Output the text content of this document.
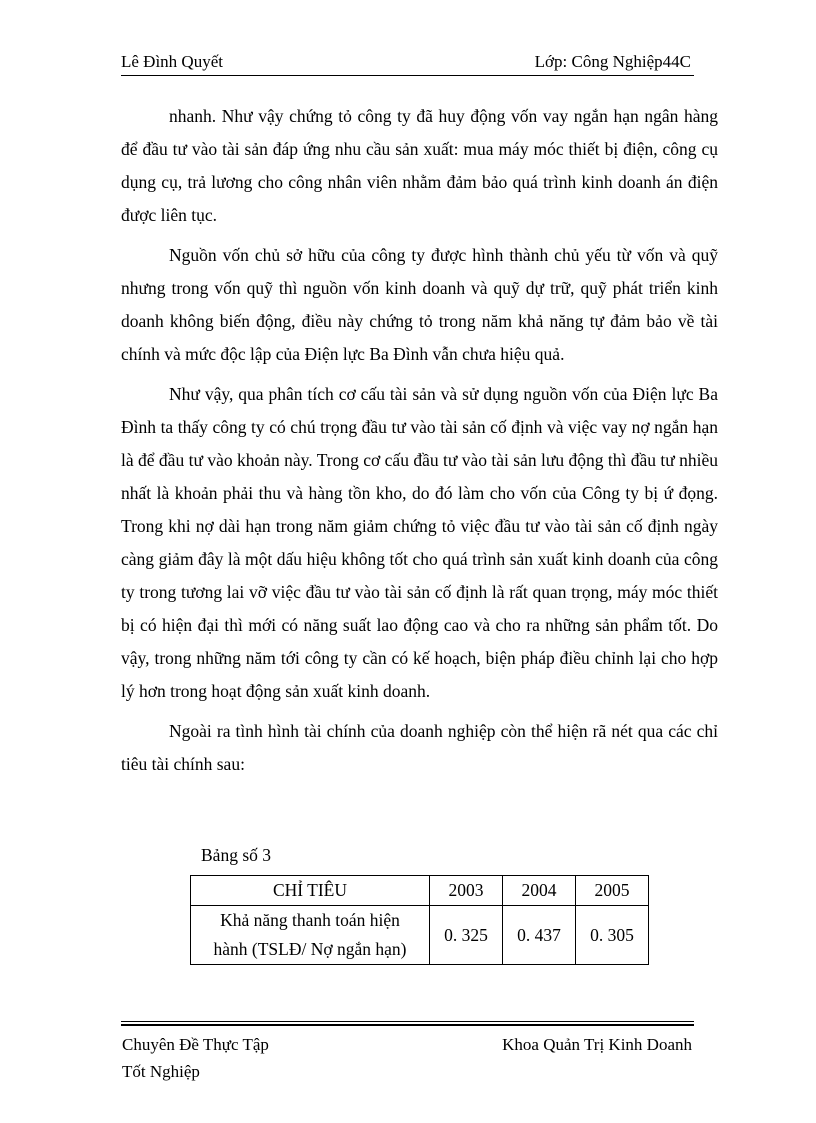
Lê Đình Quyết	Lớp: Công Nghiệp44C

nhanh. Như vậy chứng tỏ công ty đã huy động vốn vay ngắn hạn ngân hàng để đầu tư vào tài sản đáp ứng nhu cầu sản xuất: mua máy móc thiết bị điện, công cụ dụng cụ, trả lương cho công nhân viên nhằm đảm bảo quá trình kinh doanh án điện được liên tục.

Nguồn vốn chủ sở hữu của công ty được hình thành chủ yếu từ vốn và quỹ nhưng trong vốn quỹ thì nguồn vốn kinh doanh và quỹ dự trữ, quỹ phát triển kinh doanh không biến động, điều này chứng tỏ trong năm khả năng tự đảm bảo về tài chính và mức độc lập của Điện lực Ba Đình vẫn chưa hiệu quả.

Như vậy, qua phân tích cơ cấu tài sản và sử dụng nguồn vốn của Điện lực Ba Đình ta thấy công ty có chú trọng đầu tư vào tài sản cố định và việc vay nợ ngắn hạn là để đầu tư vào khoản này. Trong cơ cấu đầu tư vào tài sản lưu động thì đầu tư nhiều nhất là khoản phải thu và hàng tồn kho, do đó làm cho vốn của Công ty bị ứ đọng. Trong khi nợ dài hạn trong năm giảm chứng tỏ việc đầu tư vào tài sản cố định ngày càng giảm đây là một dấu hiệu không tốt cho quá trình sản xuất kinh doanh của công ty trong tương lai vỡ việc đầu tư vào tài sản cố định là rất quan trọng, máy móc thiết bị có hiện đại thì mới có năng suất lao động cao và cho ra những sản phẩm tốt. Do vậy, trong những năm tới công ty cần có kế hoạch, biện pháp điều chỉnh lại cho hợp lý hơn trong hoạt động sản xuất kinh doanh.

Ngoài ra tình hình tài chính của doanh nghiệp còn thể hiện rã nét qua các chỉ tiêu tài chính sau:

Bảng số 3
CHỈ TIÊU	2003	2004	2005

Khả năng thanh toán hiện
hành (TSLĐ/ Nợ ngắn hạn)	0. 325	0. 437	0. 305
Chuyên Đề Thực Tập
Tốt Nghiệp
Khoa Quản Trị Kinh Doanh
